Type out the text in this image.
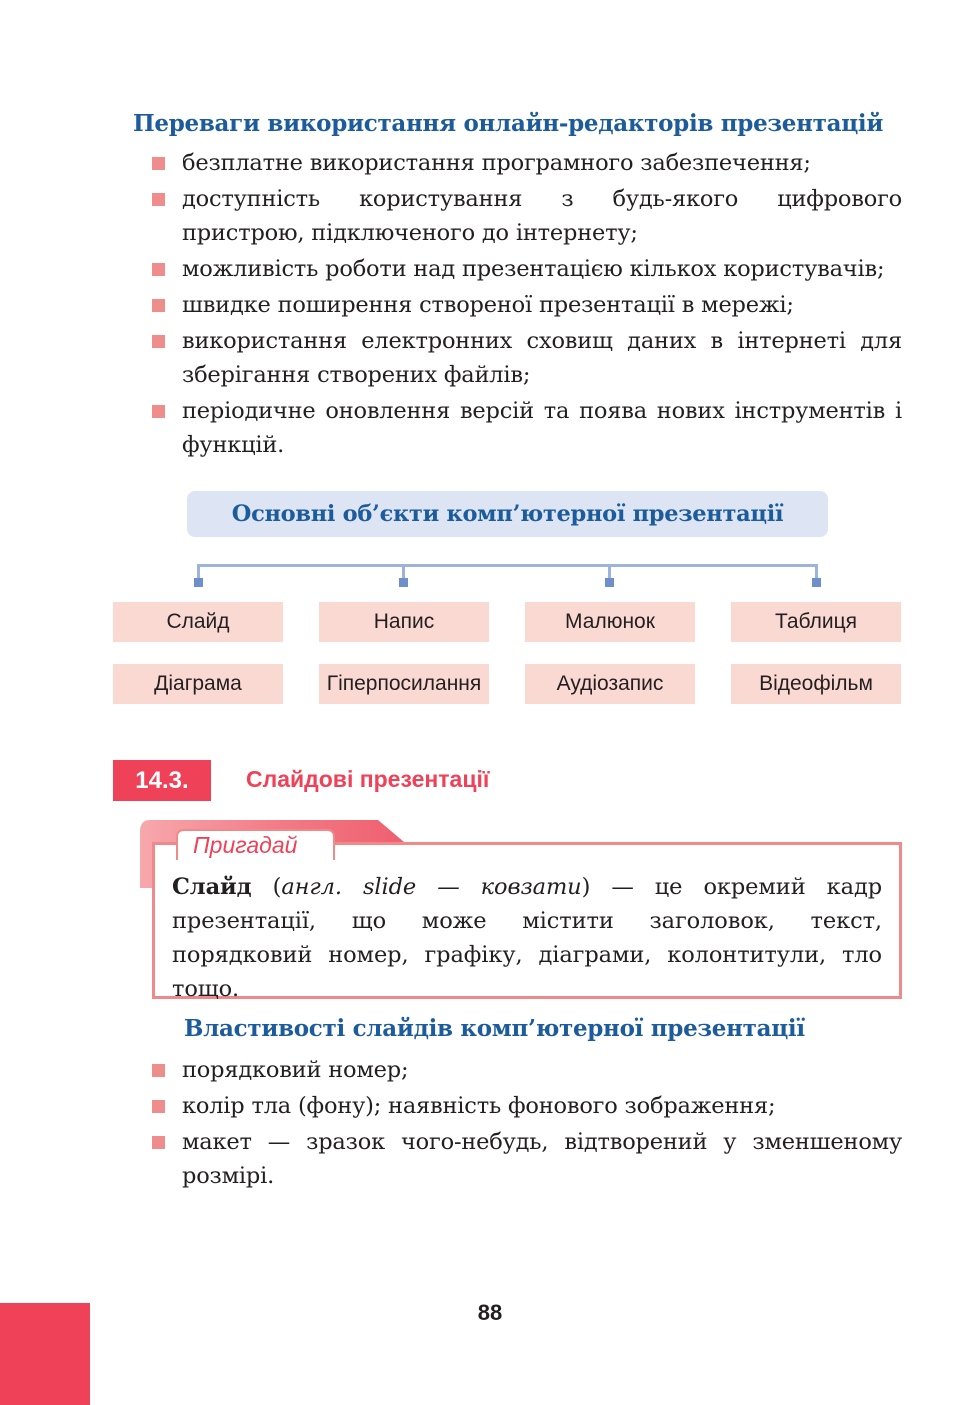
Переваги використання онлайн-редакторів презентацій
безплатне використання програмного забезпечення;
доступність користування з будь-якого цифрового пристрою, підключеного до інтернету;
можливість роботи над презентацією кількох користувачів;
швидке поширення створеної презентації в мережі;
використання електронних сховищ даних в інтернеті для зберігання створених файлів;
періодичне оновлення версій та поява нових інструментів і функцій.
Основні об’єкти комп’ютерної презентації
Слайд	Напис	Малюнок	Таблиця
Діаграма	Гіперпосилання	Аудіозапис	Відеофільм
14.3.	Слайдові презентації
Пригадай
Слайд (англ. slide — ковзати) — це окремий кадр презентації, що може містити заголовок, текст, порядковий номер, графіку, діаграми, колонтитули, тло тощо.
Властивості слайдів комп’ютерної презентації
порядковий номер;
колір тла (фону); наявність фонового зображення;
макет — зразок чого-небудь, відтворений у зменшеному розмірі.
88
